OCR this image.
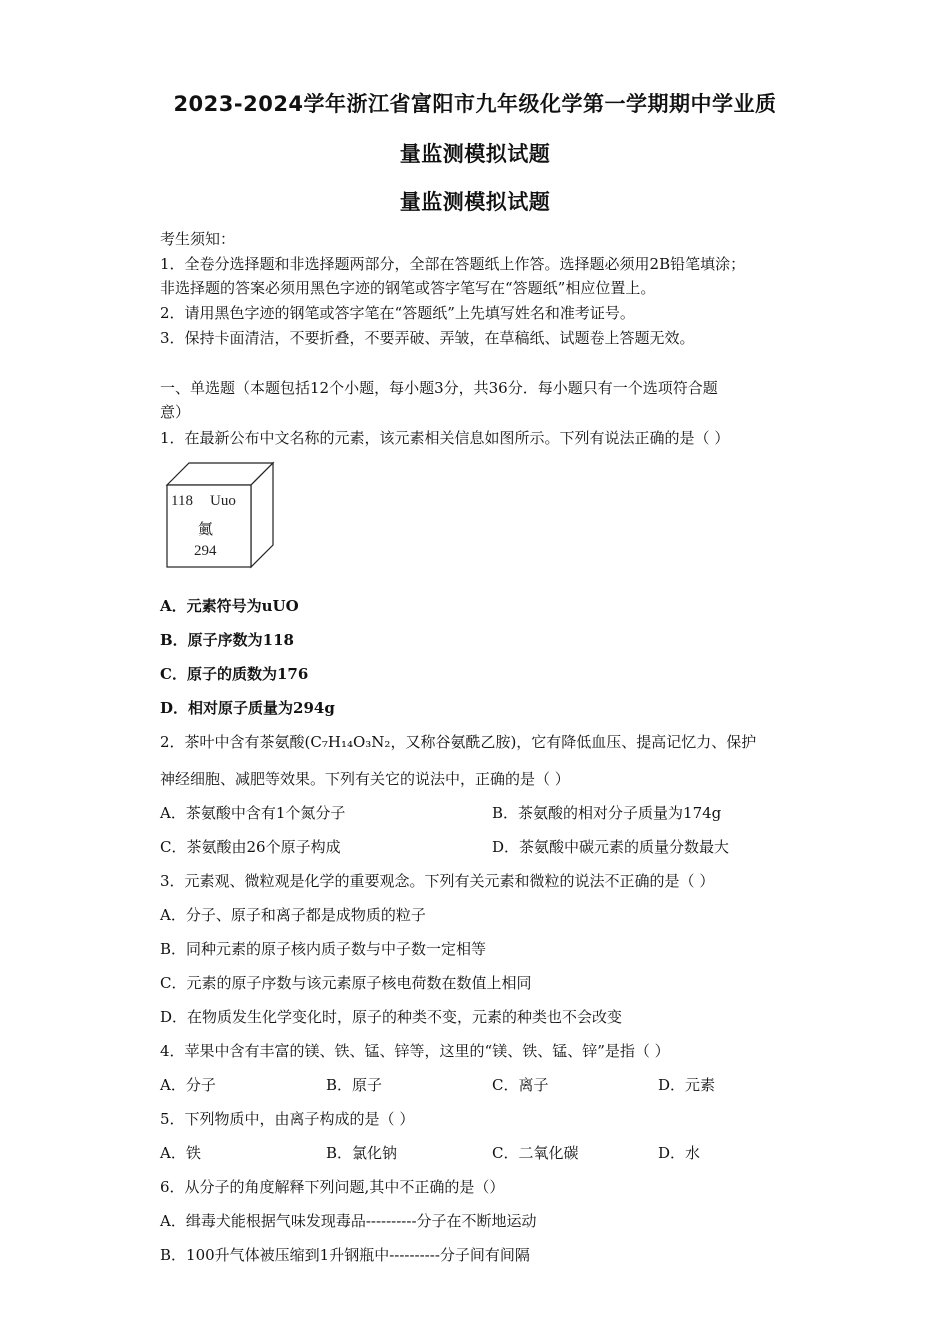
2023-2024学年浙江省富阳市九年级化学第一学期期中学业质
量监测模拟试题
量监测模拟试题
考生须知：
1．全卷分选择题和非选择题两部分，全部在答题纸上作答。选择题必须用2B铅笔填涂；
非选择题的答案必须用黑色字迹的钢笔或答字笔写在“答题纸”相应位置上。
2．请用黑色字迹的钢笔或答字笔在“答题纸”上先填写姓名和准考证号。
3．保持卡面清洁，不要折叠，不要弄破、弄皱，在草稿纸、试题卷上答题无效。
一、单选题（本题包括12个小题，每小题3分，共36分．每小题只有一个选项符合题
意）
1．在最新公布中文名称的元素，该元素相关信息如图所示。下列有说法正确的是（ ）
118 Uuo
鿫
294
A．元素符号为uUO
B．原子序数为118
C．原子的质数为176
D．相对原子质量为294g
2．茶叶中含有茶氨酸(C₇H₁₄O₃N₂，又称谷氨酰乙胺)，它有降低血压、提高记忆力、保护
神经细胞、减肥等效果。下列有关它的说法中，正确的是（ ）
A．茶氨酸中含有1个氮分子	B．茶氨酸的相对分子质量为174g
C．茶氨酸由26个原子构成	D．茶氨酸中碳元素的质量分数最大
3．元素观、微粒观是化学的重要观念。下列有关元素和微粒的说法不正确的是（ ）
A．分子、原子和离子都是成物质的粒子
B．同种元素的原子核内质子数与中子数一定相等
C．元素的原子序数与该元素原子核电荷数在数值上相同
D．在物质发生化学变化时，原子的种类不变，元素的种类也不会改变
4．苹果中含有丰富的镁、铁、锰、锌等，这里的“镁、铁、锰、锌”是指（ ）
A．分子	B．原子	C．离子	D．元素
5．下列物质中，由离子构成的是（ ）
A．铁	B．氯化钠	C．二氧化碳	D．水
6．从分子的角度解释下列问题,其中不正确的是（）
A．缉毒犬能根据气味发现毒品----------分子在不断地运动
B．100升气体被压缩到1升钢瓶中----------分子间有间隔
